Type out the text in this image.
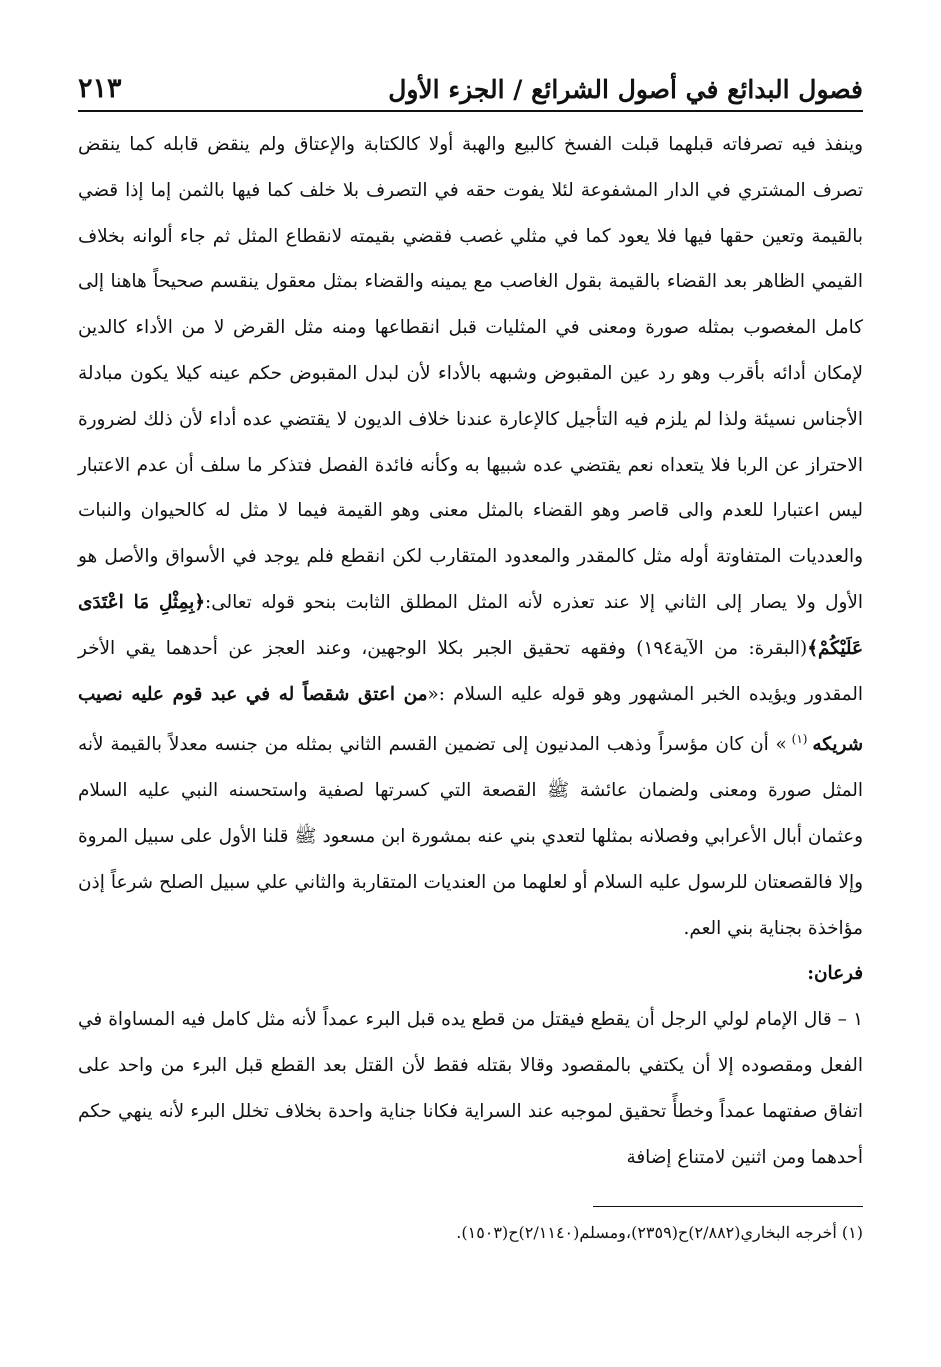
فصول البدائع في أصول الشرائع / الجزء الأول
٢١٣

وينفذ فيه تصرفاته قبلهما قبلت الفسخ كالبيع والهبة أولا كالكتابة والإعتاق ولم ينقض قابله كما ينقض تصرف المشتري في الدار المشفوعة لئلا يفوت حقه في التصرف بلا خلف كما فيها بالثمن إما إذا قضي بالقيمة وتعين حقها فيها فلا يعود كما في مثلي غصب فقضي بقيمته لانقطاع المثل ثم جاء ألوانه بخلاف القيمي الظاهر بعد القضاء بالقيمة بقول الغاصب مع يمينه والقضاء بمثل معقول ينقسم صحيحاً هاهنا إلى كامل المغصوب بمثله صورة ومعنى في المثليات قبل انقطاعها ومنه مثل القرض لا من الأداء كالدين لإمكان أدائه بأقرب وهو رد عين المقبوض وشبهه بالأداء لأن لبدل المقبوض حكم عينه كيلا يكون مبادلة الأجناس نسيئة ولذا لم يلزم فيه التأجيل كالإعارة عندنا خلاف الديون لا يقتضي عده أداء لأن ذلك لضرورة الاحتراز عن الربا فلا يتعداه نعم يقتضي عده شبيها به وكأنه فائدة الفصل فتذكر ما سلف أن عدم الاعتبار ليس اعتبارا للعدم والى قاصر وهو القضاء بالمثل معنى وهو القيمة فيما لا مثل له كالحيوان والنبات والعدديات المتفاوتة أوله مثل كالمقدر والمعدود المتقارب لكن انقطع فلم يوجد في الأسواق والأصل هو الأول ولا يصار إلى الثاني إلا عند تعذره لأنه المثل المطلق الثابت بنحو قوله تعالى:﴿بِمِثْلِ مَا اعْتَدَى عَلَيْكُمْ﴾(البقرة: من الآية١٩٤) وفقهه تحقيق الجبر بكلا الوجهين، وعند العجز عن أحدهما يقي الأخر المقدور ويؤيده الخبر المشهور وهو قوله عليه السلام :«من اعتق شقصاً له في عبد قوم عليه نصيب شريكه $^{(١)}$ » أن كان مؤسراً وذهب المدنيون إلى تضمين القسم الثاني بمثله من جنسه معدلاً بالقيمة لأنه المثل صورة ومعنى ولضمان عائشة ﷺ القصعة التي كسرتها لصفية واستحسنه النبي عليه السلام وعثمان أبال الأعرابي وفصلانه بمثلها لتعدي بني عنه بمشورة ابن مسعود ﷺ قلنا الأول على سبيل المروة وإلا فالقصعتان للرسول عليه السلام أو لعلهما من العنديات المتقاربة والثاني علي سبيل الصلح شرعاً إذن مؤاخذة بجناية بني العم.

فرعان:

١ – قال الإمام لولي الرجل أن يقطع فيقتل من قطع يده قبل البرء عمداً لأنه مثل كامل فيه المساواة في الفعل ومقصوده إلا أن يكتفي بالمقصود وقالا بقتله فقط لأن القتل بعد القطع قبل البرء من واحد على اتفاق صفتهما عمداً وخطأً تحقيق لموجبه عند السراية فكانا جناية واحدة بخلاف تخلل البرء لأنه ينهي حكم أحدهما ومن اثنين لامتناع إضافة

(١) أخرجه البخاري(٢/٨٨٢)ح(٢٣٥٩)،ومسلم(٢/١١٤٠)ح(١٥٠٣).
